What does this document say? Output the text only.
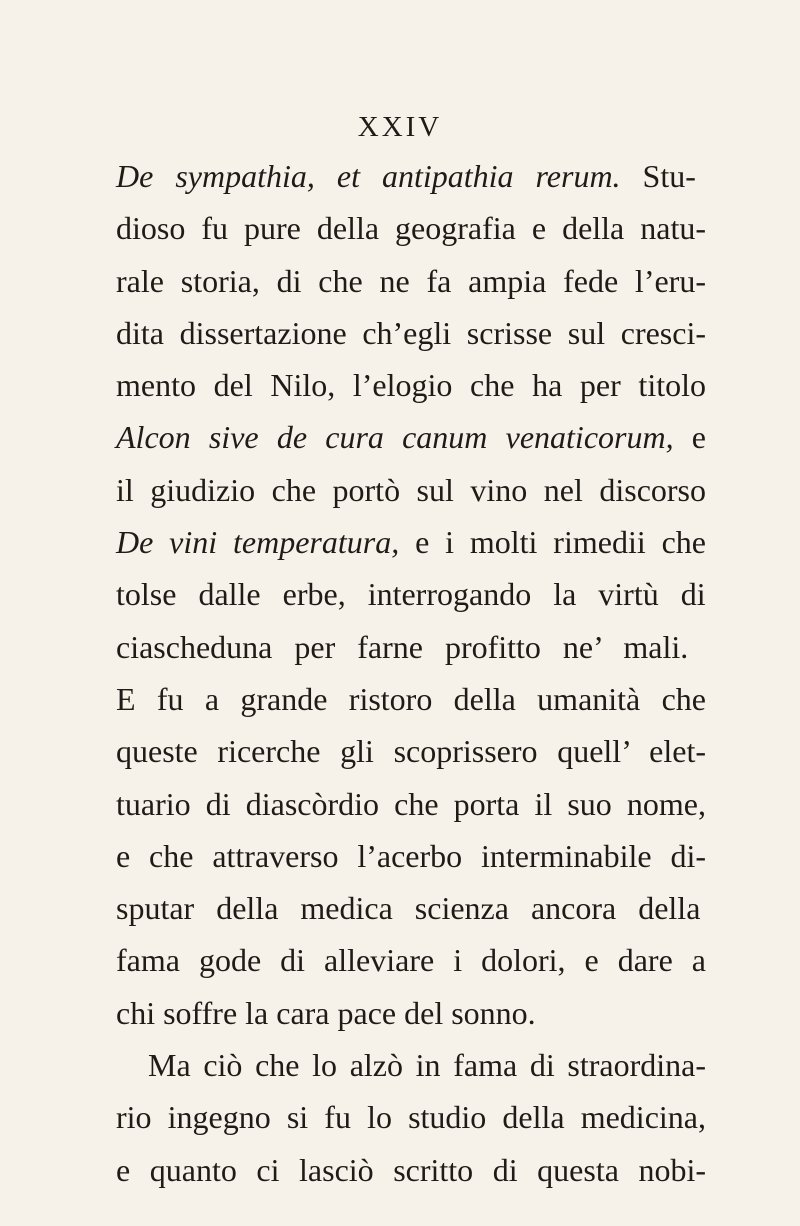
XXIV
De sympathia, et antipathia rerum. Stu-
dioso fu pure della geografia e della natu-
rale storia, di che ne fa ampia fede l’eru-
dita dissertazione ch’egli scrisse sul cresci-
mento del Nilo, l’elogio che ha per titolo
Alcon sive de cura canum venaticorum, e
il giudizio che portò sul vino nel discorso
De vini temperatura, e i molti rimedii che
tolse dalle erbe, interrogando la virtù di
ciascheduna per farne profitto ne’ mali.
E fu a grande ristoro della umanità che
queste ricerche gli scoprissero quell’ elet-
tuario di diascòrdio che porta il suo nome,
e che attraverso l’acerbo interminabile di-
sputar della medica scienza ancora della
fama gode di alleviare i dolori, e dare a
chi soffre la cara pace del sonno.
Ma ciò che lo alzò in fama di straordina-
rio ingegno si fu lo studio della medicina,
e quanto ci lasciò scritto di questa nobi-
